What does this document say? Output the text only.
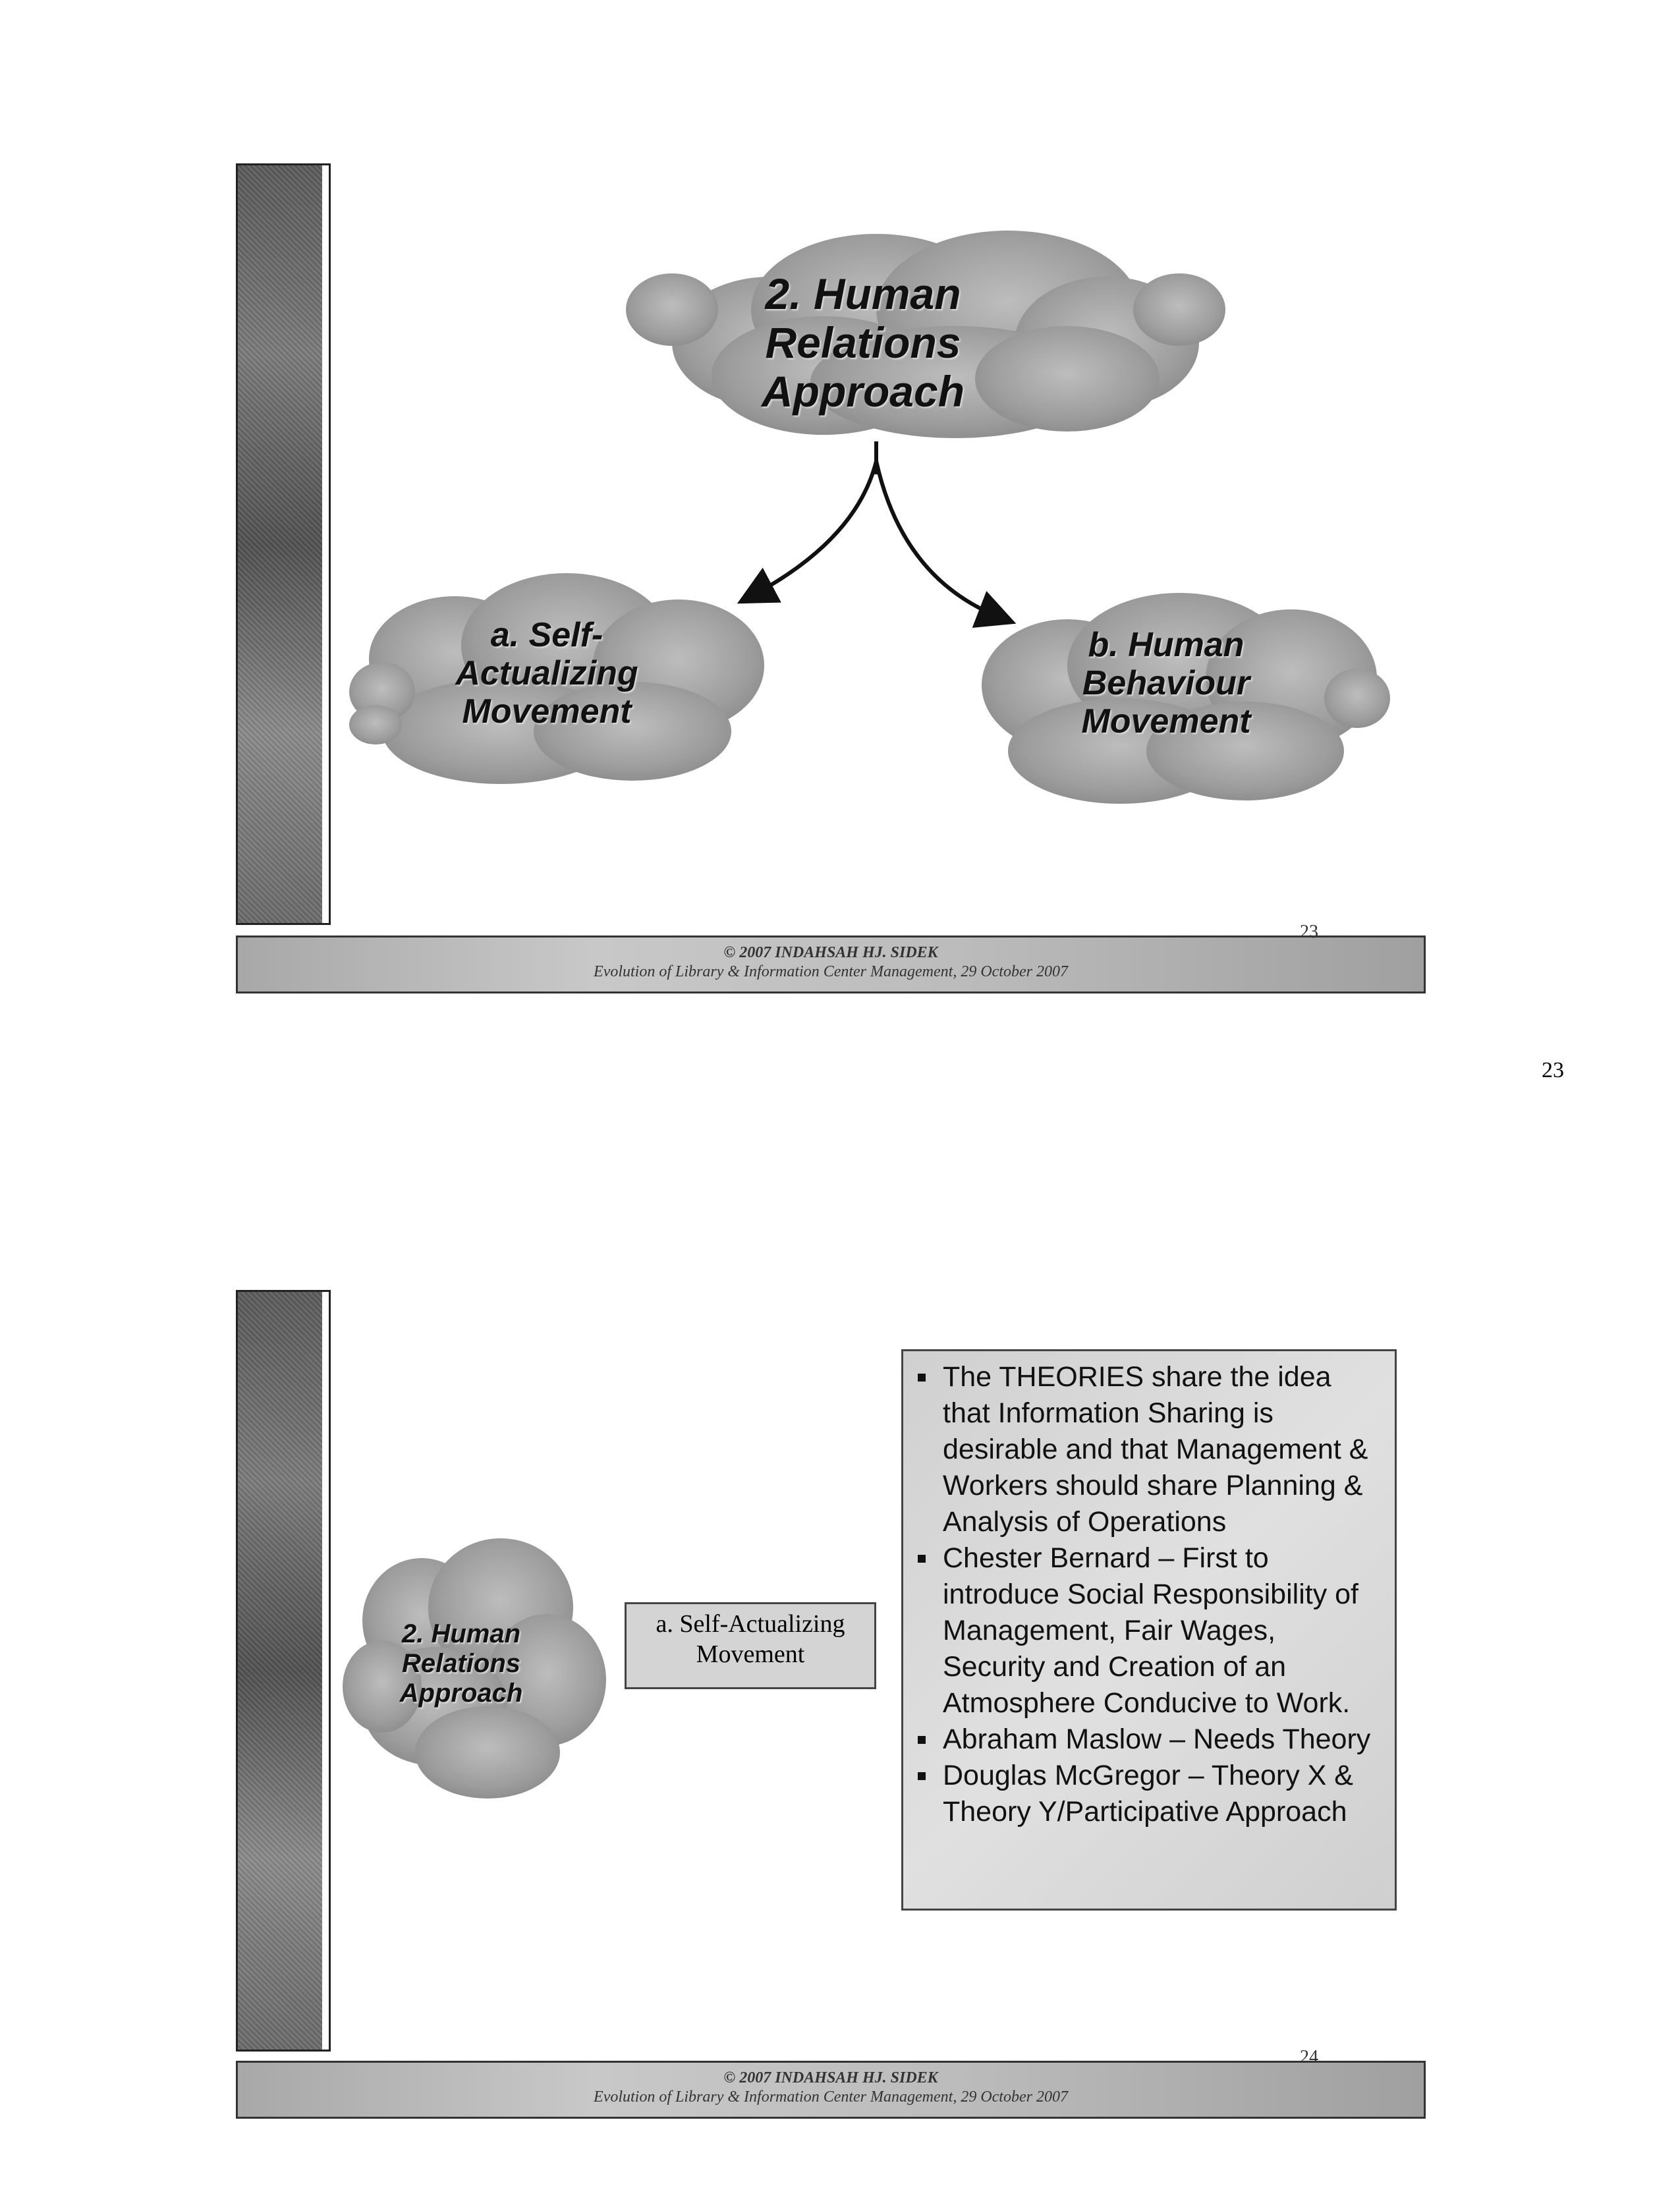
2. Human Relations Approach
a. Self-Actualizing Movement
b. Human Behaviour Movement
23
© 2007 INDAHSAH HJ. SIDEK
Evolution of Library & Information Center Management, 29 October 2007
23
2. Human Relations Approach
a. Self-Actualizing Movement
The THEORIES share the idea that Information Sharing is desirable and that Management & Workers should share Planning & Analysis of Operations
Chester Bernard – First to introduce Social Responsibility of Management, Fair Wages, Security and Creation of an Atmosphere Conducive to Work.
Abraham Maslow – Needs Theory
Douglas McGregor – Theory X & Theory Y/Participative Approach
24
© 2007 INDAHSAH HJ. SIDEK
Evolution of Library & Information Center Management, 29 October 2007
